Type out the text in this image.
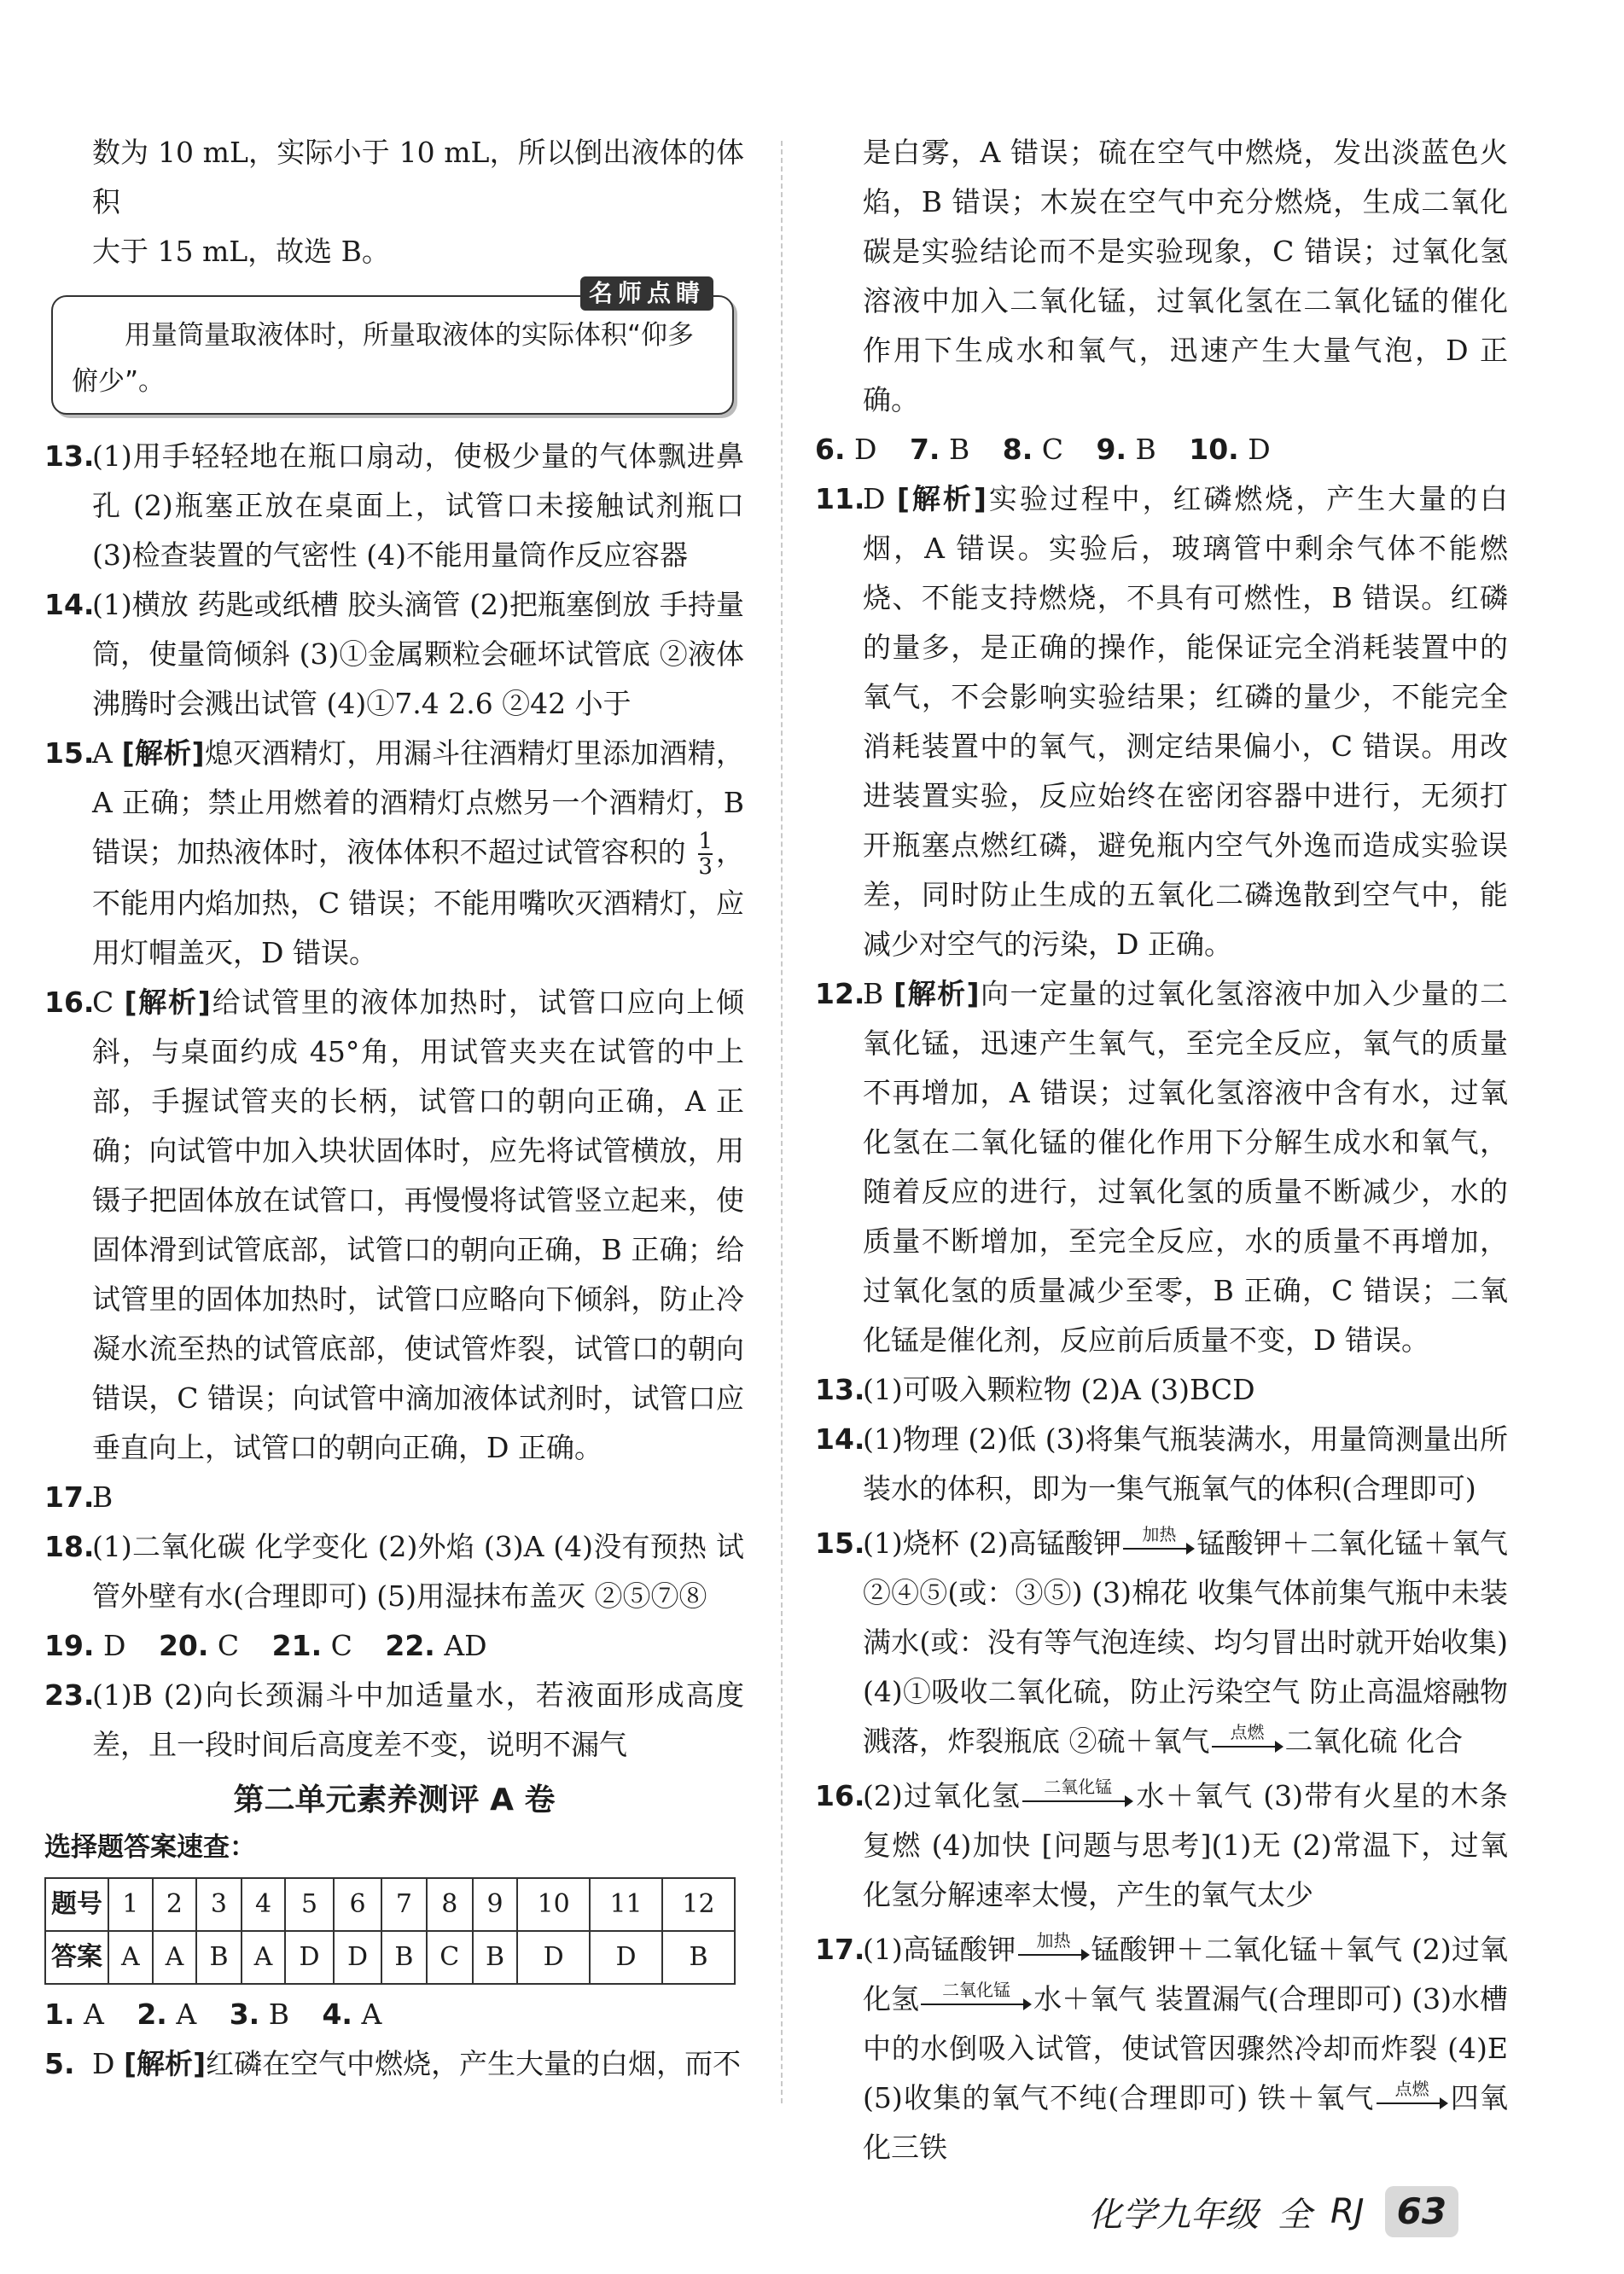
数为 10 mL，实际小于 10 mL，所以倒出液体的体积
大于 15 mL，故选 B。
名师点睛

用量筒量取液体时，所量取液体的实际体积“仰多俯少”。

13.
(1)用手轻轻地在瓶口扇动，使极少量的气体飘进鼻孔 (2)瓶塞正放在桌面上，试管口未接触试剂瓶口 (3)检查装置的气密性 (4)不能用量筒作反应容器
14.
(1)横放 药匙或纸槽 胶头滴管 (2)把瓶塞倒放 手持量筒，使量筒倾斜 (3)①金属颗粒会砸坏试管底 ②液体沸腾时会溅出试管 (4)①7.4 2.6 ②42 小于
15.
A [解析]熄灭酒精灯，用漏斗往酒精灯里添加酒精，A 正确；禁止用燃着的酒精灯点燃另一个酒精灯，B 错误；加热液体时，液体体积不超过试管容积的 $\frac{1}{3}$ ，不能用内焰加热，C 错误；不能用嘴吹灭酒精灯，应用灯帽盖灭，D 错误。
16.
C [解析]给试管里的液体加热时，试管口应向上倾斜，与桌面约成 45°角，用试管夹夹在试管的中上部，手握试管夹的长柄，试管口的朝向正确，A 正确；向试管中加入块状固体时，应先将试管横放，用镊子把固体放在试管口，再慢慢将试管竖立起来，使固体滑到试管底部，试管口的朝向正确，B 正确；给试管里的固体加热时，试管口应略向下倾斜，防止冷凝水流至热的试管底部，使试管炸裂，试管口的朝向错误，C 错误；向试管中滴加液体试剂时，试管口应垂直向上，试管口的朝向正确，D 正确。
17.
B
18.
(1)二氧化碳 化学变化 (2)外焰 (3)A (4)没有预热 试管外壁有水(合理即可) (5)用湿抹布盖灭 ②⑤⑦⑧
19. D 20. C 21. C 22. AD
23.
(1)B (2)向长颈漏斗中加适量水，若液面形成高度差，且一段时间后高度差不变，说明不漏气
第二单元素养测评 A 卷
选择题答案速查：
题号	1	2	3	4	5	6	7	8	9	10	11	12
答案	A	A	B	A	D	D	B	C	B	D	D	B
1. A 2. A 3. B 4. A
5. D [解析]红磷在空气中燃烧，产生大量的白烟，而不
是白雾，A 错误；硫在空气中燃烧，发出淡蓝色火焰，B 错误；木炭在空气中充分燃烧，生成二氧化碳是实验结论而不是实验现象，C 错误；过氧化氢溶液中加入二氧化锰，过氧化氢在二氧化锰的催化作用下生成水和氧气，迅速产生大量气泡，D 正确。
6. D 7. B 8. C 9. B 10. D
11.
D [解析]实验过程中，红磷燃烧，产生大量的白烟，A 错误。实验后，玻璃管中剩余气体不能燃烧、不能支持燃烧，不具有可燃性，B 错误。红磷的量多，是正确的操作，能保证完全消耗装置中的氧气，不会影响实验结果；红磷的量少，不能完全消耗装置中的氧气，测定结果偏小，C 错误。用改进装置实验，反应始终在密闭容器中进行，无须打开瓶塞点燃红磷，避免瓶内空气外逸而造成实验误差，同时防止生成的五氧化二磷逸散到空气中，能减少对空气的污染，D 正确。
12.
B [解析]向一定量的过氧化氢溶液中加入少量的二氧化锰，迅速产生氧气，至完全反应，氧气的质量不再增加，A 错误；过氧化氢溶液中含有水，过氧化氢在二氧化锰的催化作用下分解生成水和氧气，随着反应的进行，过氧化氢的质量不断减少，水的质量不断增加，至完全反应，水的质量不再增加，过氧化氢的质量减少至零，B 正确，C 错误；二氧化锰是催化剂，反应前后质量不变，D 错误。
13.
(1)可吸入颗粒物 (2)A (3)BCD
14.
(1)物理 (2)低 (3)将集气瓶装满水，用量筒测量出所装水的体积，即为一集气瓶氧气的体积(合理即可)
15.
(1)烧杯 (2)高锰酸钾	加热 锰酸钾＋二氧化锰＋氧气 ②④⑤(或：③⑤) (3)棉花 收集气体前集气瓶中未装满水(或：没有等气泡连续、均匀冒出时就开始收集) (4)①吸收二氧化硫，防止污染空气 防止高温熔融物溅落，炸裂瓶底 ②硫＋氧气	点燃 二氧化硫 化合
16.
(2)过氧化氢	二氧化锰 水＋氧气 (3)带有火星的木条复燃 (4)加快 [问题与思考](1)无 (2)常温下，过氧化氢分解速率太慢，产生的氧气太少
17.
(1)高锰酸钾	加热 锰酸钾＋二氧化锰＋氧气 (2)过氧化氢	二氧化锰 水＋氧气 装置漏气(合理即可) (3)水槽中的水倒吸入试管，使试管因骤然冷却而炸裂 (4)E (5)收集的氧气不纯(合理即可) 铁＋氧气	点燃 四氧化三铁
化学九年级 全 RJ 63
